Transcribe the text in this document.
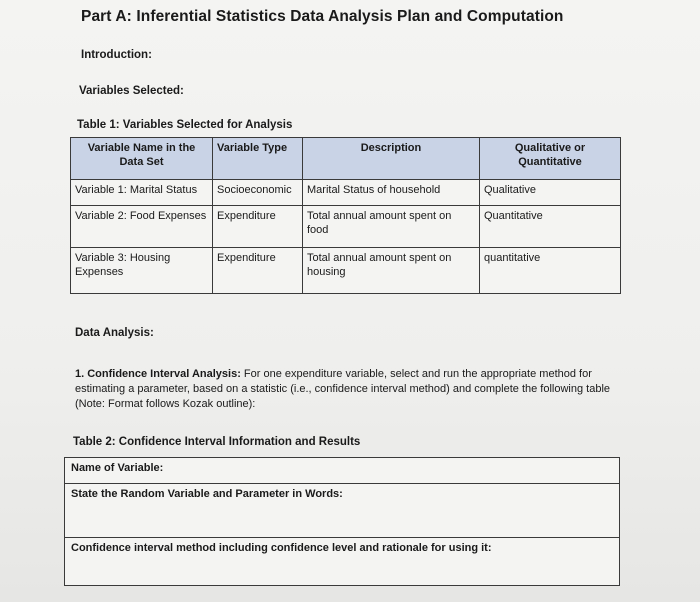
Part A: Inferential Statistics Data Analysis Plan and Computation
Introduction:
Variables Selected:
Table 1: Variables Selected for Analysis
Variable Name in the Data Set	Variable Type	Description	Qualitative or Quantitative
Variable 1: Marital Status	Socioeconomic	Marital Status of household	Qualitative
Variable 2: Food Expenses	Expenditure	Total annual amount spent on food	Quantitative
Variable 3: Housing Expenses	Expenditure	Total annual amount spent on housing	quantitative
Data Analysis:
1. Confidence Interval Analysis: For one expenditure variable, select and run the appropriate method for estimating a parameter, based on a statistic (i.e., confidence interval method) and complete the following table (Note: Format follows Kozak outline):
Table 2: Confidence Interval Information and Results
Name of Variable:
State the Random Variable and Parameter in Words:
Confidence interval method including confidence level and rationale for using it:
